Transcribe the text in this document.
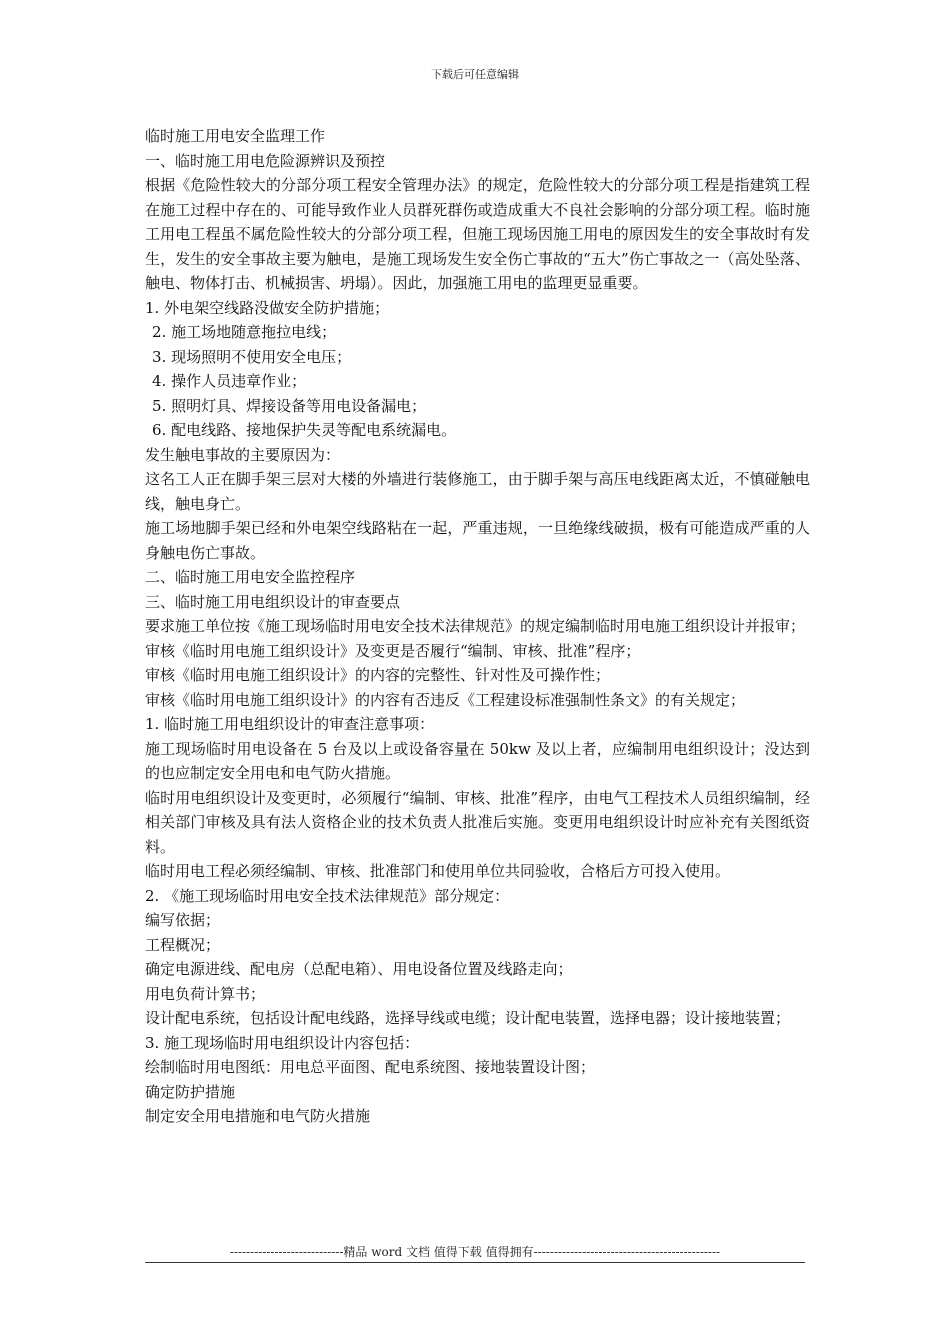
下载后可任意编辑

临时施工用电安全监理工作

一、临时施工用电危险源辨识及预控

根据《危险性较大的分部分项工程安全管理办法》的规定，危险性较大的分部分项工程是指建筑工程在施工过程中存在的、可能导致作业人员群死群伤或造成重大不良社会影响的分部分项工程。临时施工用电工程虽不属危险性较大的分部分项工程，但施工现场因施工用电的原因发生的安全事故时有发生，发生的安全事故主要为触电，是施工现场发生安全伤亡事故的“五大”伤亡事故之一（高处坠落、触电、物体打击、机械损害、坍塌）。因此，加强施工用电的监理更显重要。

1. 外电架空线路没做安全防护措施；

2. 施工场地随意拖拉电线；

3. 现场照明不使用安全电压；

4. 操作人员违章作业；

5. 照明灯具、焊接设备等用电设备漏电；

6. 配电线路、接地保护失灵等配电系统漏电。

发生触电事故的主要原因为：

这名工人正在脚手架三层对大楼的外墙进行装修施工，由于脚手架与高压电线距离太近，不慎碰触电线，触电身亡。

施工场地脚手架已经和外电架空线路粘在一起，严重违规，一旦绝缘线破损，极有可能造成严重的人身触电伤亡事故。

二、临时施工用电安全监控程序

三、临时施工用电组织设计的审查要点

要求施工单位按《施工现场临时用电安全技术法律规范》的规定编制临时用电施工组织设计并报审；

审核《临时用电施工组织设计》及变更是否履行“编制、审核、批准”程序；

审核《临时用电施工组织设计》的内容的完整性、针对性及可操作性；

审核《临时用电施工组织设计》的内容有否违反《工程建设标准强制性条文》的有关规定；

1. 临时施工用电组织设计的审查注意事项：

施工现场临时用电设备在 5 台及以上或设备容量在 50kw 及以上者，应编制用电组织设计；没达到的也应制定安全用电和电气防火措施。

临时用电组织设计及变更时，必须履行“编制、审核、批准”程序，由电气工程技术人员组织编制，经相关部门审核及具有法人资格企业的技术负责人批准后实施。变更用电组织设计时应补充有关图纸资料。

临时用电工程必须经编制、审核、批准部门和使用单位共同验收，合格后方可投入使用。

2. 《施工现场临时用电安全技术法律规范》部分规定：

编写依据；

工程概况；

确定电源进线、配电房（总配电箱）、用电设备位置及线路走向；

用电负荷计算书；

设计配电系统，包括设计配电线路，选择导线或电缆；设计配电装置，选择电器；设计接地装置；

3. 施工现场临时用电组织设计内容包括：

绘制临时用电图纸：用电总平面图、配电系统图、接地装置设计图；

确定防护措施

制定安全用电措施和电气防火措施

----------------------------精品 word 文档 值得下载 值得拥有----------------------------------------------
